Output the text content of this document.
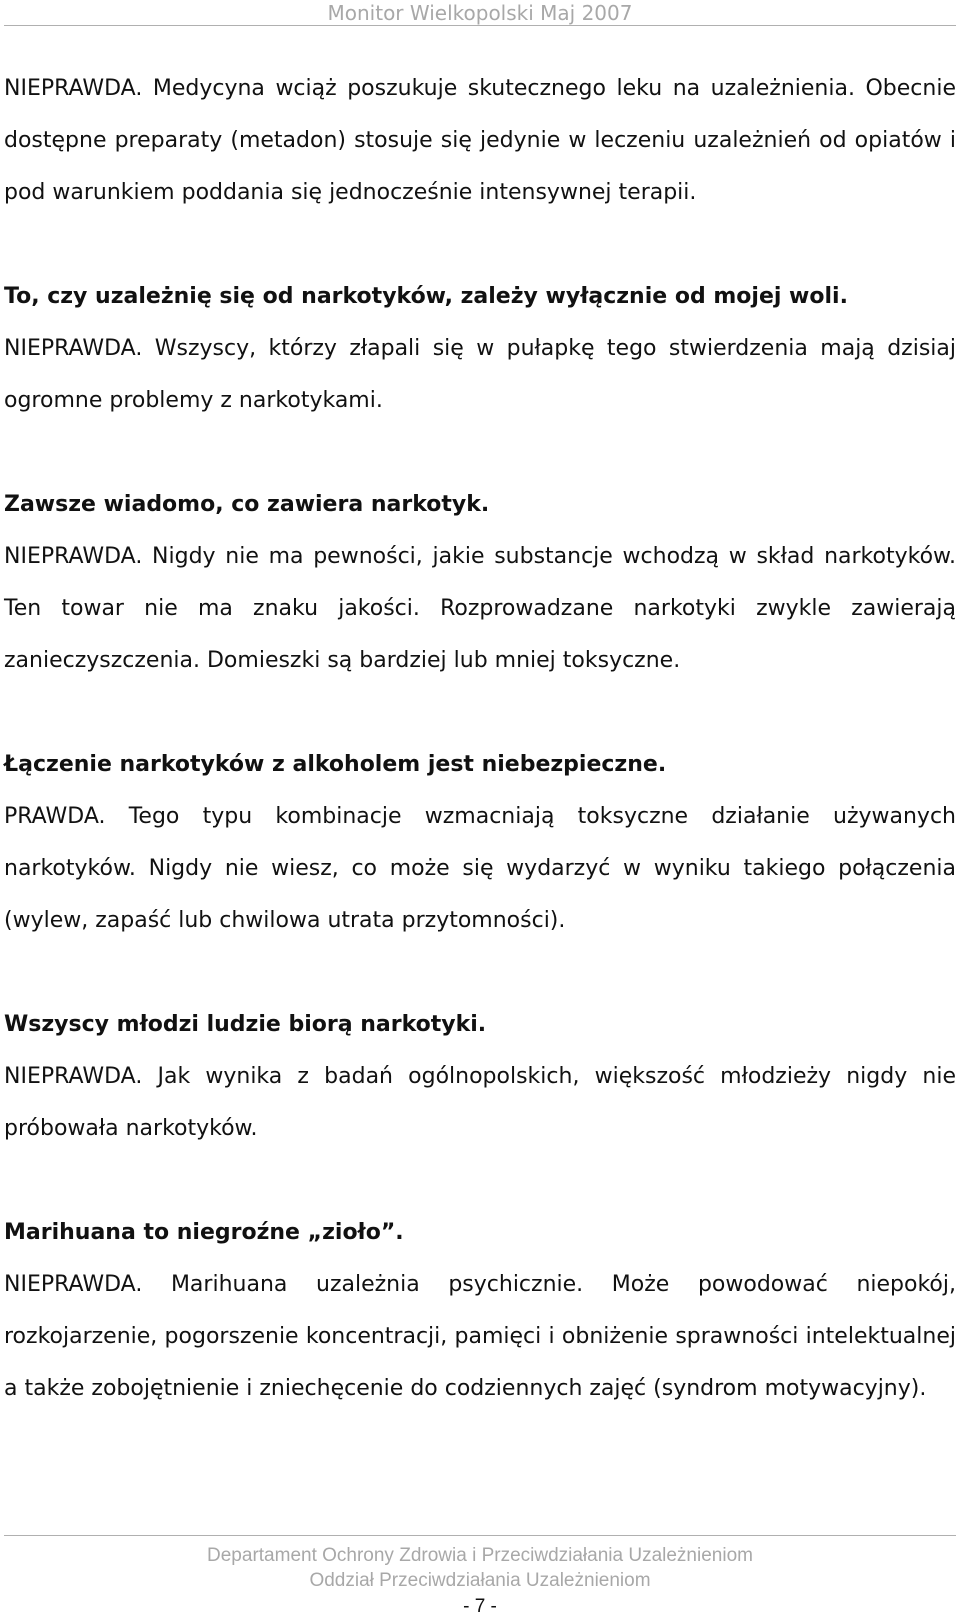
Monitor Wielkopolski Maj 2007

NIEPRAWDA. Medycyna wciąż poszukuje skutecznego leku na uzależnienia. Obecnie dostępne preparaty (metadon) stosuje się jedynie w leczeniu uzależnień od opiatów i pod warunkiem poddania się jednocześnie intensywnej terapii.

To, czy uzależnię się od narkotyków, zależy wyłącznie od mojej woli.

NIEPRAWDA. Wszyscy, którzy złapali się w pułapkę tego stwierdzenia mają dzisiaj ogromne problemy z narkotykami.

Zawsze wiadomo, co zawiera narkotyk.

NIEPRAWDA. Nigdy nie ma pewności, jakie substancje wchodzą w skład narkotyków. Ten towar nie ma znaku jakości. Rozprowadzane narkotyki zwykle zawierają zanieczyszczenia. Domieszki są bardziej lub mniej toksyczne.

Łączenie narkotyków z alkoholem jest niebezpieczne.

PRAWDA. Tego typu kombinacje wzmacniają toksyczne działanie używanych narkotyków. Nigdy nie wiesz, co może się wydarzyć w wyniku takiego połączenia (wylew, zapaść lub chwilowa utrata przytomności).

Wszyscy młodzi ludzie biorą narkotyki.

NIEPRAWDA. Jak wynika z badań ogólnopolskich, większość młodzieży nigdy nie próbowała narkotyków.

Marihuana to niegroźne „zioło”.

NIEPRAWDA. Marihuana uzależnia psychicznie. Może powodować niepokój, rozkojarzenie, pogorszenie koncentracji, pamięci i obniżenie sprawności intelektualnej a także zobojętnienie i zniechęcenie do codziennych zajęć (syndrom motywacyjny).

Departament Ochrony Zdrowia i Przeciwdziałania Uzależnieniom
Oddział Przeciwdziałania Uzależnieniom
- 7 -
